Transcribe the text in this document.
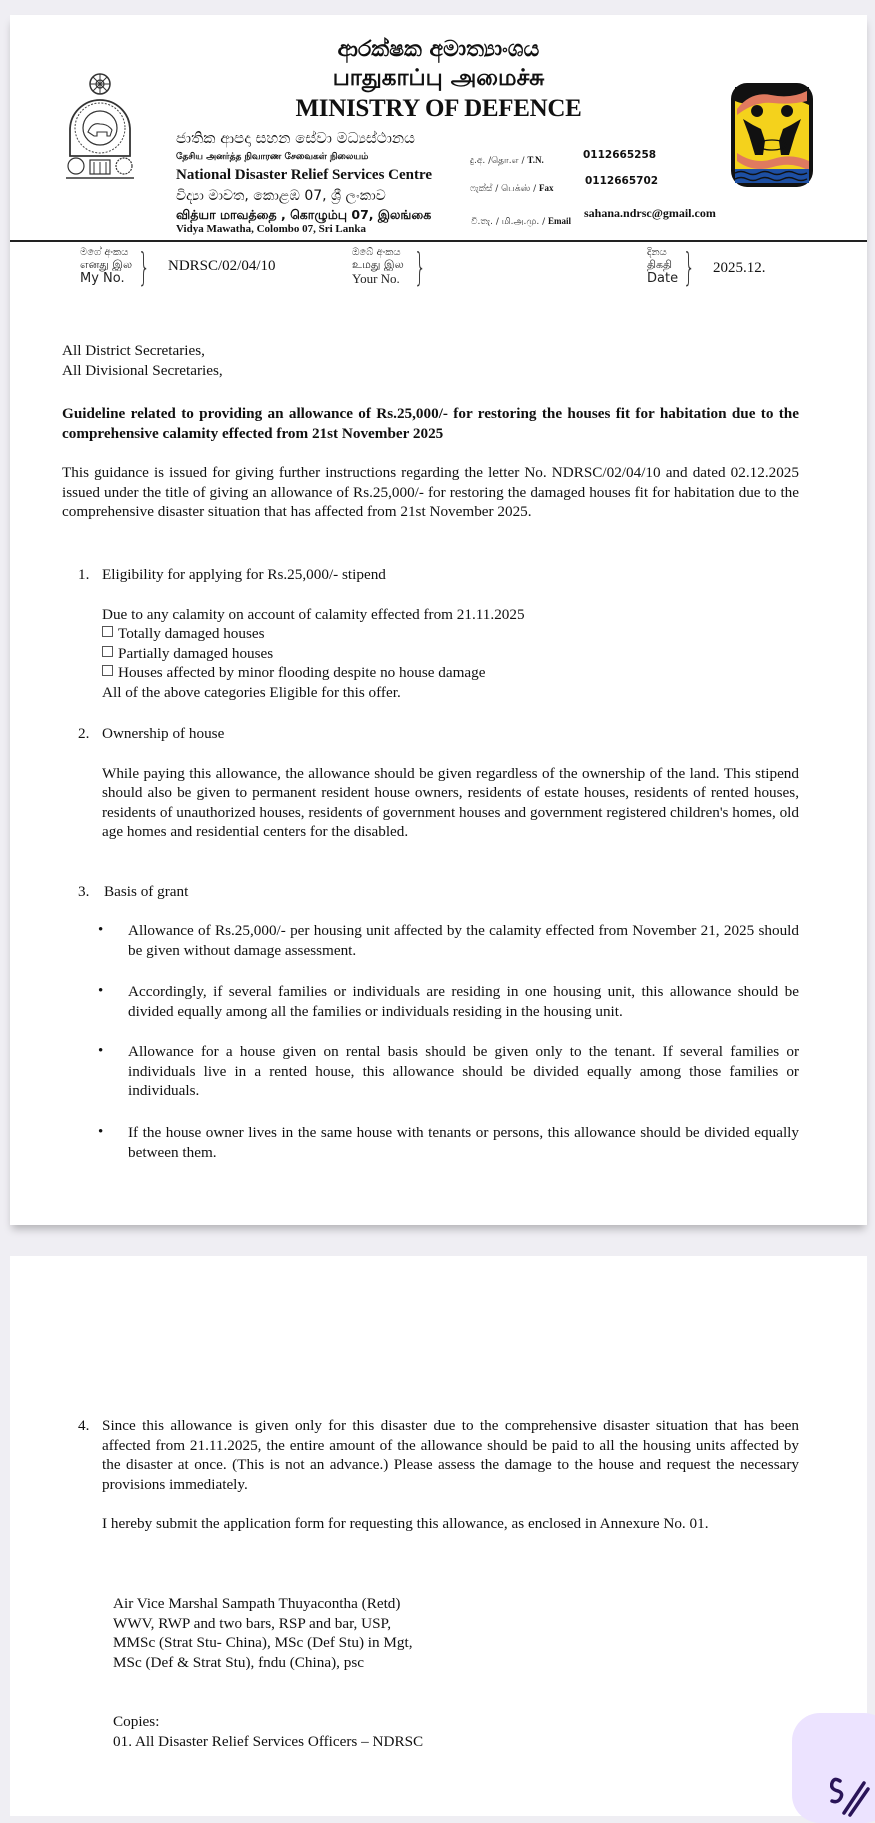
ආරක්ෂක අමාත්‍යාංශය
பாதுகாப்பு அமைச்சு
MINISTRY OF DEFENCE
ජාතික ආපදා සහන සේවා මධ්‍යස්ථානය
தேசிய அனர்த்த நிவாரண சேவைகள் நிலையம்
National Disaster Relief Services Centre
විද්‍යා මාවත, කොළඹ 07, ශ්‍රී ලංකාව
வித்யா மாவத்தை , கொழும்பு 07, இலங்கை
Vidya Mawatha, Colombo 07, Sri Lanka
දු.අ. /தொ.எ / T.N.	0112665258
ෆැක්ස් / பெக்ஸ் / Fax
0112665702
වි.තැ. / மி.அ.மு. / Email
sahana.ndrsc@gmail.com
මගේ අංකය
எனது இல
My No. } NDRSC/02/04/10
ඔබේ අංකය
உமது இல
Your No. }	දිනය
திகதி
Date } 2025.12.
All District Secretaries,
All Divisional Secretaries,
Guideline related to providing an allowance of Rs.25,000/- for restoring the houses fit for habitation due to the comprehensive calamity effected from 21st November 2025
This guidance is issued for giving further instructions regarding the letter No. NDRSC/02/04/10 and dated 02.12.2025 issued under the title of giving an allowance of Rs.25,000/- for restoring the damaged houses fit for habitation due to the comprehensive disaster situation that has affected from 21st November 2025.
1. Eligibility for applying for Rs.25,000/- stipend
Due to any calamity on account of calamity effected from 21.11.2025
Totally damaged houses
Partially damaged houses
Houses affected by minor flooding despite no house damage
All of the above categories Eligible for this offer.
2. Ownership of house
While paying this allowance, the allowance should be given regardless of the ownership of the land. This stipend should also be given to permanent resident house owners, residents of estate houses, residents of rented houses, residents of unauthorized houses, residents of government houses and government registered children's homes, old age homes and residential centers for the disabled.
3. Basis of grant
• Allowance of Rs.25,000/- per housing unit affected by the calamity effected from November 21, 2025 should be given without damage assessment.
• Accordingly, if several families or individuals are residing in one housing unit, this allowance should be divided equally among all the families or individuals residing in the housing unit.
• Allowance for a house given on rental basis should be given only to the tenant. If several families or individuals live in a rented house, this allowance should be divided equally among those families or individuals.
• If the house owner lives in the same house with tenants or persons, this allowance should be divided equally between them.
4. Since this allowance is given only for this disaster due to the comprehensive disaster situation that has been affected from 21.11.2025, the entire amount of the allowance should be paid to all the housing units affected by the disaster at once. (This is not an advance.) Please assess the damage to the house and request the necessary provisions immediately.
I hereby submit the application form for requesting this allowance, as enclosed in Annexure No. 01.
Air Vice Marshal Sampath Thuyacontha (Retd)
WWV, RWP and two bars, RSP and bar, USP,
MMSc (Strat Stu- China), MSc (Def Stu) in Mgt,
MSc (Def & Strat Stu), fndu (China), psc
Copies:
01. All Disaster Relief Services Officers – NDRSC
